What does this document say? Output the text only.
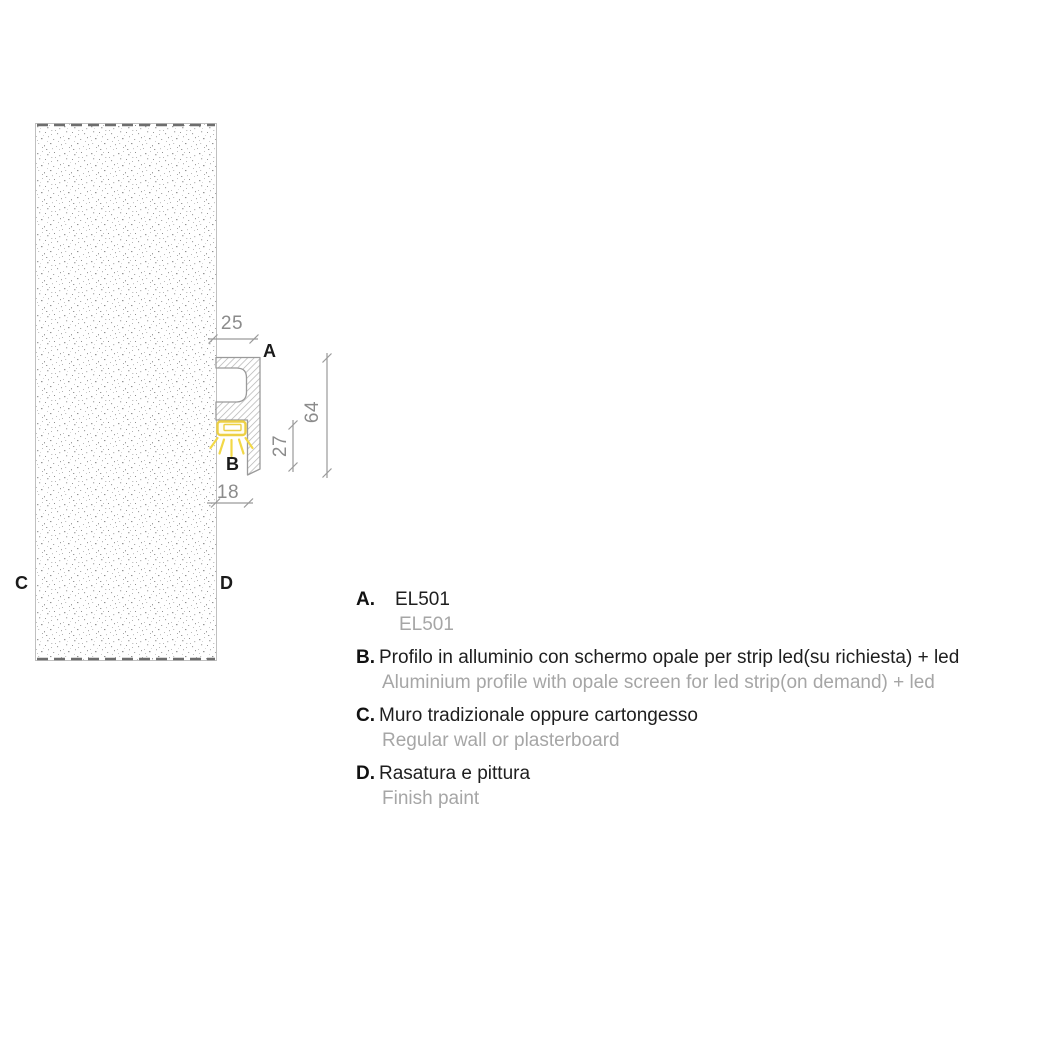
25
18
27
64
A
B
C	D
A. EL501
EL501
B. Profilo in alluminio con schermo opale per strip led(su richiesta) + led
Aluminium profile with opale screen for led strip(on demand) + led
C. Muro tradizionale oppure cartongesso
Regular wall or plasterboard
D. Rasatura e pittura
Finish paint
